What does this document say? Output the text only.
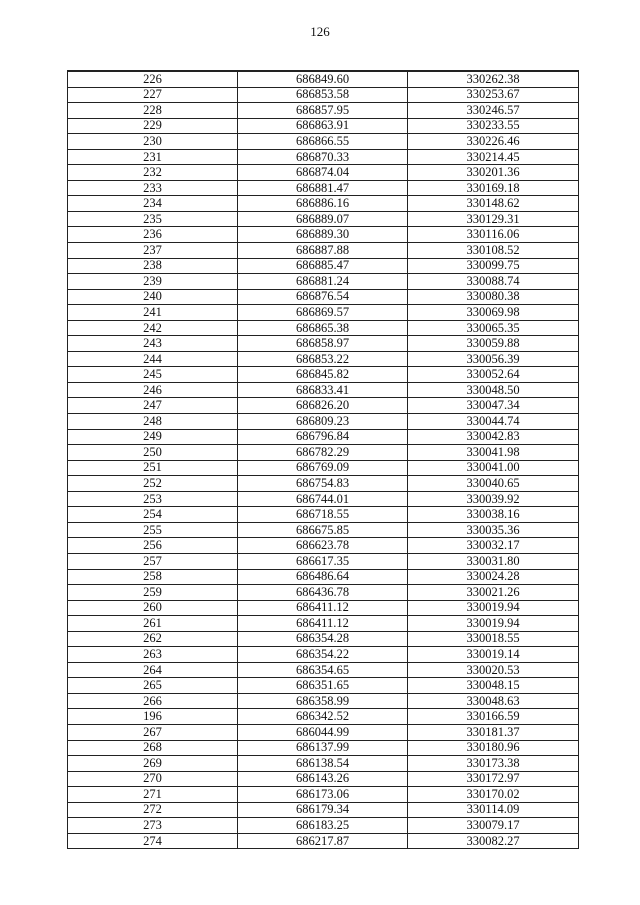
126
226	686849.60	330262.38
227	686853.58	330253.67
228	686857.95	330246.57
229	686863.91	330233.55
230	686866.55	330226.46
231	686870.33	330214.45
232	686874.04	330201.36
233	686881.47	330169.18
234	686886.16	330148.62
235	686889.07	330129.31
236	686889.30	330116.06
237	686887.88	330108.52
238	686885.47	330099.75
239	686881.24	330088.74
240	686876.54	330080.38
241	686869.57	330069.98
242	686865.38	330065.35
243	686858.97	330059.88
244	686853.22	330056.39
245	686845.82	330052.64
246	686833.41	330048.50
247	686826.20	330047.34
248	686809.23	330044.74
249	686796.84	330042.83
250	686782.29	330041.98
251	686769.09	330041.00
252	686754.83	330040.65
253	686744.01	330039.92
254	686718.55	330038.16
255	686675.85	330035.36
256	686623.78	330032.17
257	686617.35	330031.80
258	686486.64	330024.28
259	686436.78	330021.26
260	686411.12	330019.94
261	686411.12	330019.94
262	686354.28	330018.55
263	686354.22	330019.14
264	686354.65	330020.53
265	686351.65	330048.15
266	686358.99	330048.63
196	686342.52	330166.59
267	686044.99	330181.37
268	686137.99	330180.96
269	686138.54	330173.38
270	686143.26	330172.97
271	686173.06	330170.02
272	686179.34	330114.09
273	686183.25	330079.17
274	686217.87	330082.27
